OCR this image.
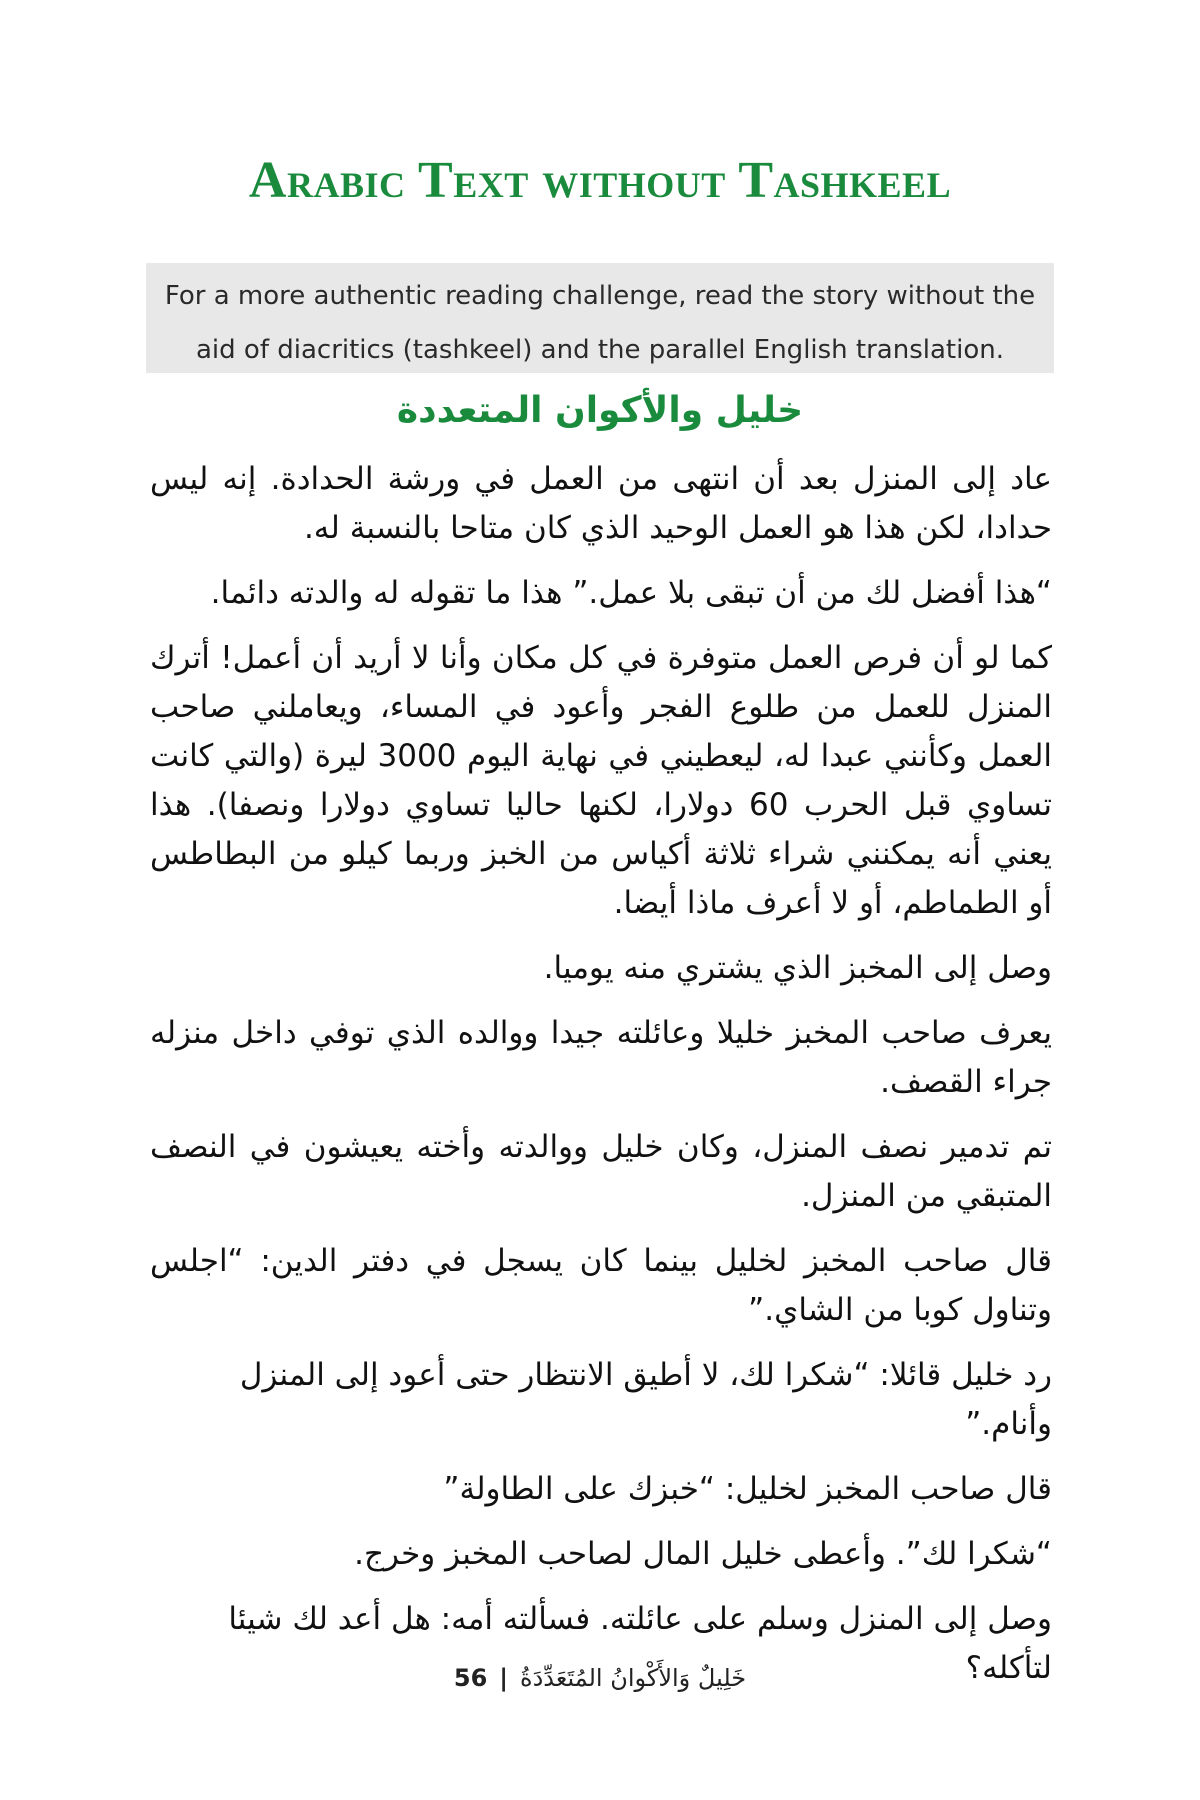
Arabic Text without Tashkeel

For a more authentic reading challenge, read the story without the aid of diacritics (tashkeel) and the parallel English translation.

خليل والأكوان المتعددة

عاد إلى المنزل بعد أن انتهى من العمل في ورشة الحدادة. إنه ليس حدادا، لكن هذا هو العمل الوحيد الذي كان متاحا بالنسبة له.

“هذا أفضل لك من أن تبقى بلا عمل.” هذا ما تقوله له والدته دائما.

كما لو أن فرص العمل متوفرة في كل مكان وأنا لا أريد أن أعمل! أترك المنزل للعمل من طلوع الفجر وأعود في المساء، ويعاملني صاحب العمل وكأنني عبدا له، ليعطيني في نهاية اليوم 3000 ليرة (والتي كانت تساوي قبل الحرب 60 دولارا، لكنها حاليا تساوي دولارا ونصفا). هذا يعني أنه يمكنني شراء ثلاثة أكياس من الخبز وربما كيلو من البطاطس أو الطماطم، أو لا أعرف ماذا أيضا.

وصل إلى المخبز الذي يشتري منه يوميا.

يعرف صاحب المخبز خليلا وعائلته جيدا ووالده الذي توفي داخل منزله جراء القصف.

تم تدمير نصف المنزل، وكان خليل ووالدته وأخته يعيشون في النصف المتبقي من المنزل.

قال صاحب المخبز لخليل بينما كان يسجل في دفتر الدين: “اجلس وتناول كوبا من الشاي.”

رد خليل قائلا: “شكرا لك، لا أطيق الانتظار حتى أعود إلى المنزل وأنام.”

قال صاحب المخبز لخليل: “خبزك على الطاولة”

“شكرا لك”. وأعطى خليل المال لصاحب المخبز وخرج.

وصل إلى المنزل وسلم على عائلته. فسألته أمه: هل أعد لك شيئا لتأكله؟

56 | خَلِيلٌ وَالأَكْوانُ المُتَعَدِّدَةُ
